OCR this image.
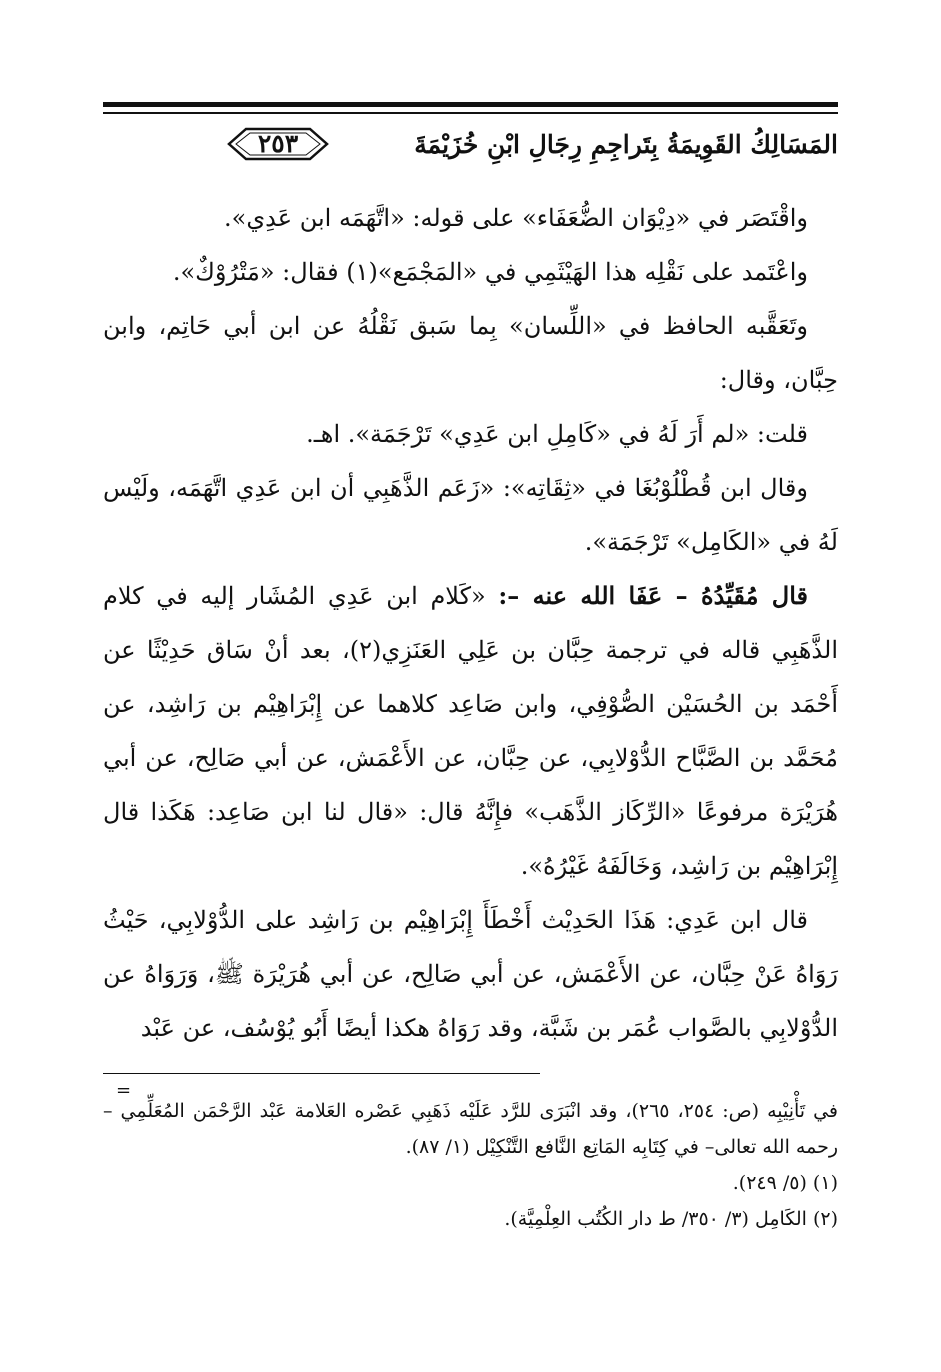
المَسَالِكُ القَوِيمَةُ بِتَراجِمِ رِجَالِ ابْنِ خُزَيْمَةَ
٢٥٣

واقْتَصَر في «دِيْوَان الضُّعَفَاء» على قوله: «اتَّهَمَه ابن عَدِي».

واعْتَمد على نَقْلِه هذا الهَيْثَمِي في «المَجْمَع»(١) فقال: «مَتْرُوْكٌ».

وتَعَقَّبه الحافظ في «اللِّسان» بِما سَبق نَقْلُهُ عن ابن أبي حَاتِم، وابن حِبَّان، وقال:

قلت: «لم أَرَ لَهُ في «كَامِلِ ابن عَدِي» تَرْجَمَة». اهـ.

وقال ابن قُطْلُوْبُغَا في «ثِقَاتِه»: «زَعَم الذَّهَبِي أن ابن عَدِي اتَّهَمَه، ولَيْس لَهُ في «الكَامِل» تَرْجَمَة».

قال مُقَيِّدُهُ – عَفَا الله عنه –: «كَلام ابن عَدِي المُشَار إليه في كلام الذَّهَبِي قاله في ترجمة حِبَّان بن عَلِي العَنَزِي(٢)، بعد أنْ سَاق حَدِيْثًا عن أَحْمَد بن الحُسَيْن الصُّوْفِي، وابن صَاعِد كلاهما عن إِبْرَاهِيْم بن رَاشِد، عن مُحَمَّد بن الصَّبَّاح الدُّوْلابِي، عن حِبَّان، عن الأَعْمَش، عن أبي صَالِح، عن أبي هُرَيْرَة مرفوعًا «الرِّكَاز الذَّهَب» فإِنَّهُ قال: «قال لنا ابن صَاعِد: هَكَذا قال إِبْرَاهِيْم بن رَاشِد، وَخَالَفَهُ غَيْرُهُ».

قال ابن عَدِي: هَذَا الحَدِيْث أَخْطَأَ إِبْرَاهِيْم بن رَاشِد على الدُّوْلابِي، حَيْثُ رَوَاهُ عَنْ حِبَّان، عن الأَعْمَش، عن أبي صَالِح، عن أبي هُرَيْرَة ﷺ، وَرَوَاهُ عن الدُّوْلابِي بالصَّواب عُمَر بن شَبَّة، وقد رَوَاهُ هكذا أيضًا أَبُو يُوْسُف، عن عَبْد

=

في تَأْنِيْبِه (ص: ٢٥٤، ٢٦٥)، وقد انْبَرَى للرَّد عَلَيْه ذَهَبِي عَصْره العَلامة عَبْد الرَّحْمَن المُعَلِّمِي – رحمه الله تعالى– في كِتَابِه المَاتِع النَّافع التَّنْكِيْل (١/ ٨٧).

(١) (٥/ ٢٤٩).

(٢) الكَامِل (٣/ ٣٥٠/ ط دار الكُتُب العِلْمِيَّة).
